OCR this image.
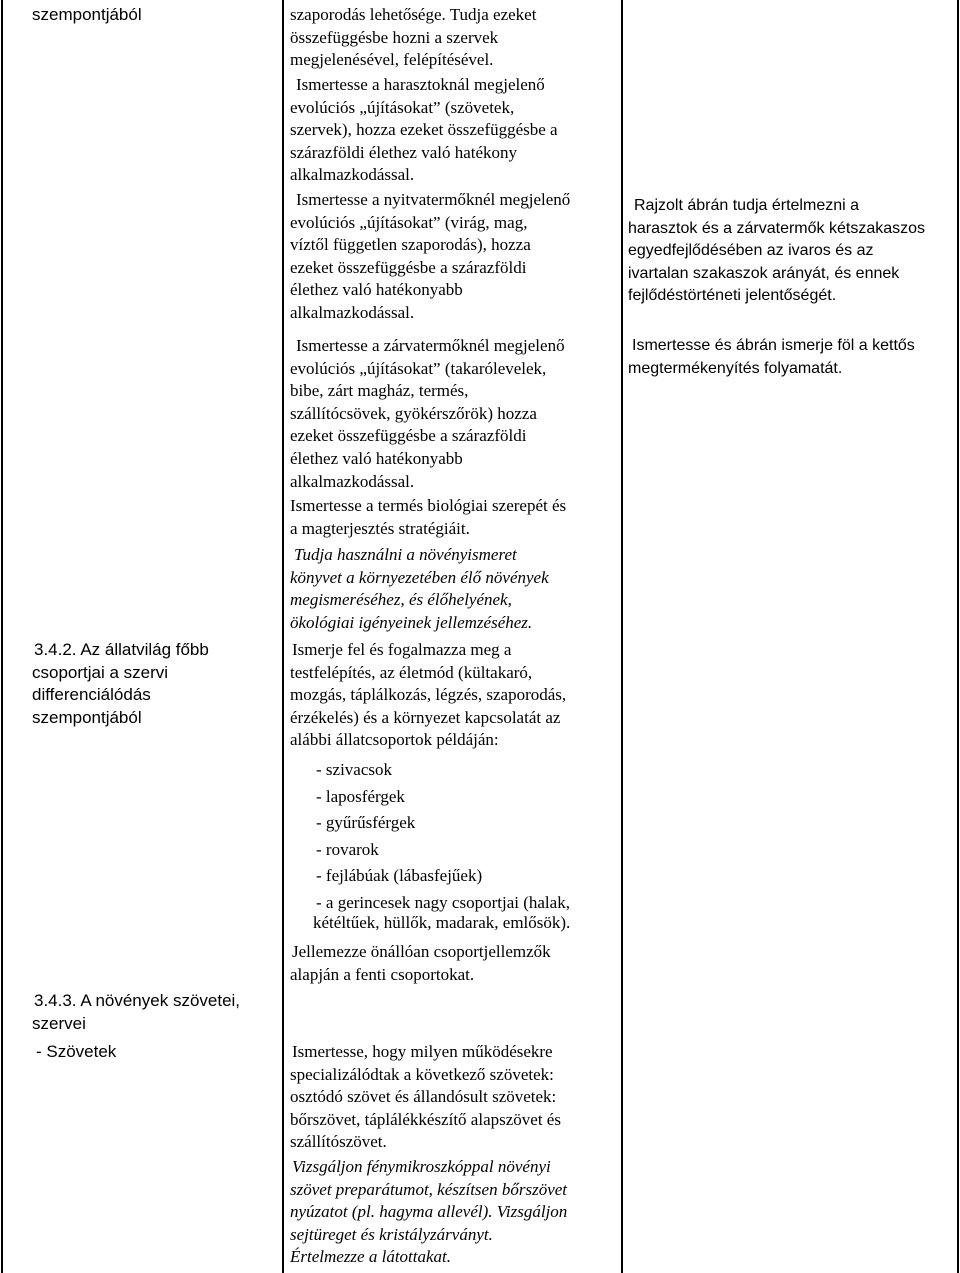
szempontjából
3.4.2. Az állatvilág főbb
csoportjai a szervi
differenciálódás
szempontjából
3.4.3. A növények szövetei,
szervei
- Szövetek
szaporodás lehetősége. Tudja ezeket
összefüggésbe hozni a szervek
megjelenésével, felépítésével.
Ismertesse a harasztoknál megjelenő
evolúciós „újításokat” (szövetek,
szervek), hozza ezeket összefüggésbe a
szárazföldi élethez való hatékony
alkalmazkodással.
Ismertesse a nyitvatermőknél megjelenő
evolúciós „újításokat” (virág, mag,
víztől független szaporodás), hozza
ezeket összefüggésbe a szárazföldi
élethez való hatékonyabb
alkalmazkodással.
Ismertesse a zárvatermőknél megjelenő
evolúciós „újításokat” (takarólevelek,
bibe, zárt magház, termés,
szállítócsövek, gyökérszőrök) hozza
ezeket összefüggésbe a szárazföldi
élethez való hatékonyabb
alkalmazkodással.
Ismertesse a termés biológiai szerepét és
a magterjesztés stratégiáit.
Tudja használni a növényismeret
könyvet a környezetében élő növények
megismeréséhez, és élőhelyének,
ökológiai igényeinek jellemzéséhez.
Ismerje fel és fogalmazza meg a
testfelépítés, az életmód (kültakaró,
mozgás, táplálkozás, légzés, szaporodás,
érzékelés) és a környezet kapcsolatát az
alábbi állatcsoportok példáján:
- szivacsok
- laposférgek
- gyűrűsférgek
- rovarok
- fejlábúak (lábasfejűek)
- a gerincesek nagy csoportjai (halak,
kétéltűek, hüllők, madarak, emlősök).
Jellemezze önállóan csoportjellemzők
alapján a fenti csoportokat.
Ismertesse, hogy milyen működésekre
specializálódtak a következő szövetek:
osztódó szövet és állandósult szövetek:
bőrszövet, táplálékkészítő alapszövet és
szállítószövet.
Vizsgáljon fénymikroszkóppal növényi
szövet preparátumot, készítsen bőrszövet
nyúzatot (pl. hagyma allevél). Vizsgáljon
sejtüreget és kristályzárványt.
Értelmezze a látottakat.
Rajzolt ábrán tudja értelmezni a
harasztok és a zárvatermők kétszakaszos
egyedfejlődésében az ivaros és az
ivartalan szakaszok arányát, és ennek
fejlődéstörténeti jelentőségét.
Ismertesse és ábrán ismerje föl a kettős
megtermékenyítés folyamatát.
